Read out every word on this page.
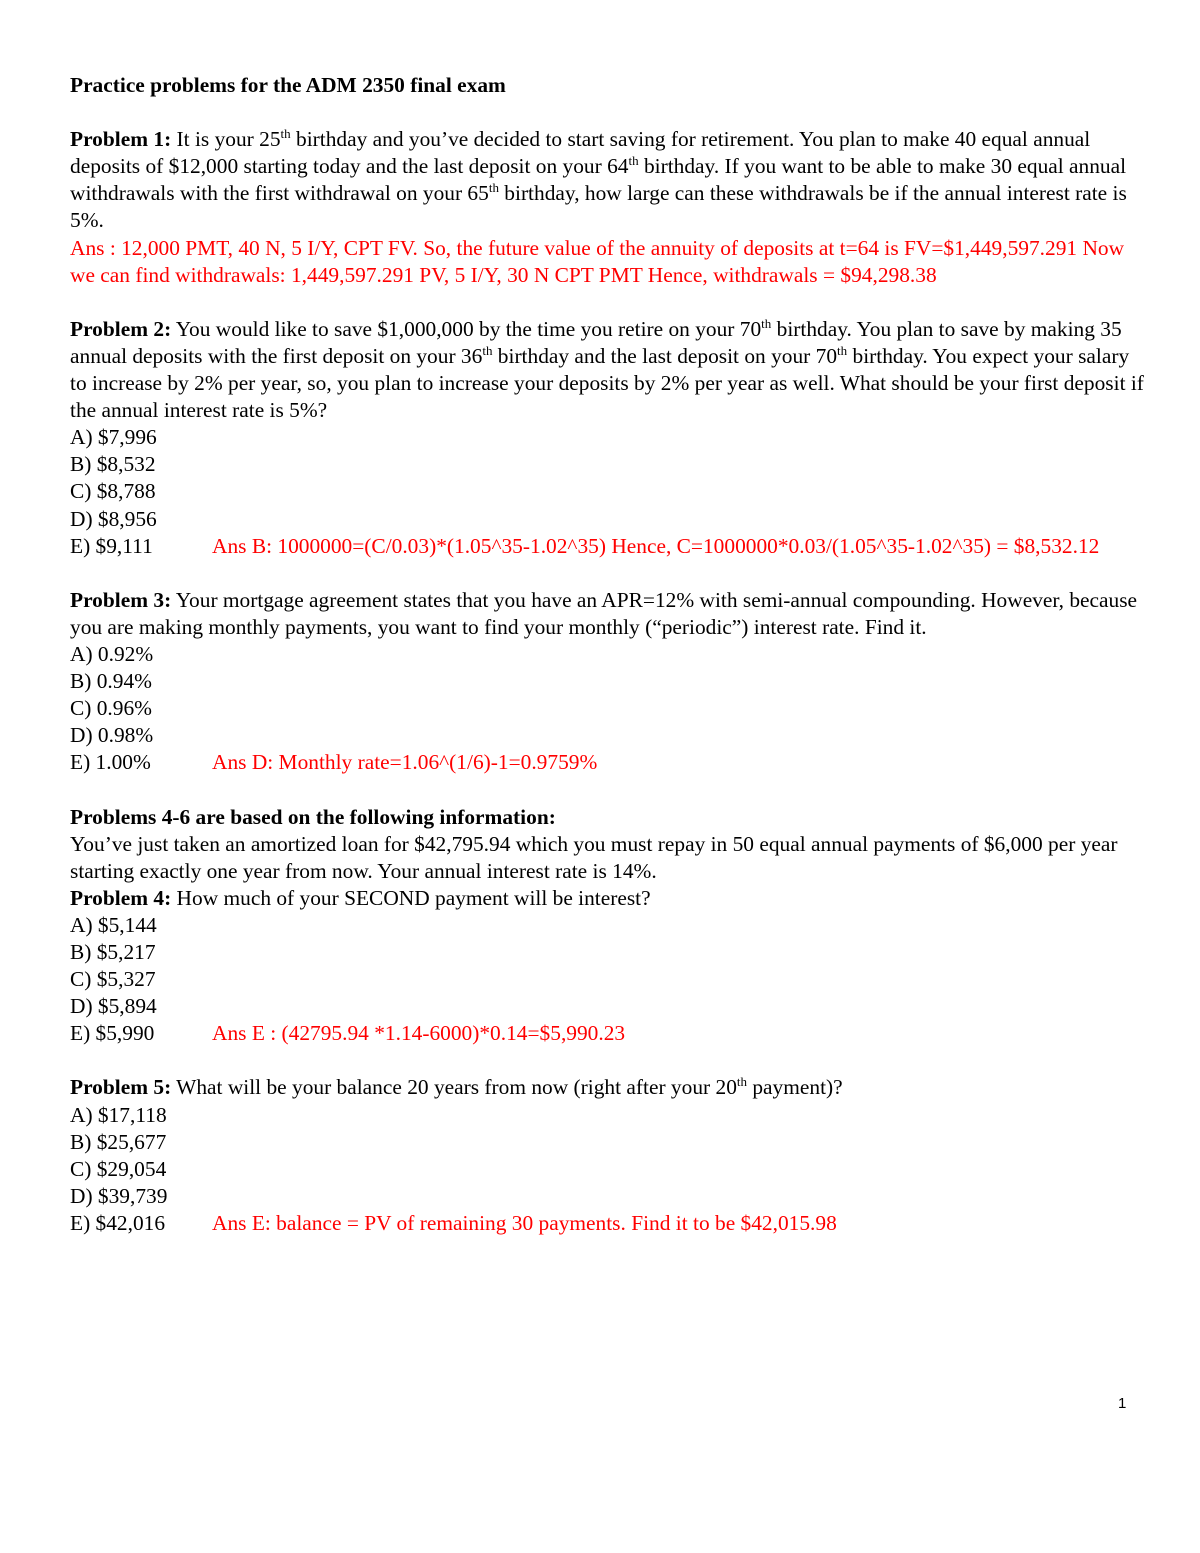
Practice problems for the ADM 2350 final exam

Problem 1: It is your 25th birthday and you’ve decided to start saving for retirement. You plan to make 40 equal annual deposits of $12,000 starting today and the last deposit on your 64th birthday. If you want to be able to make 30 equal annual withdrawals with the first withdrawal on your 65th birthday, how large can these withdrawals be if the annual interest rate is 5%.

Ans : 12,000 PMT, 40 N, 5 I/Y, CPT FV. So, the future value of the annuity of deposits at t=64 is FV=$1,449,597.291 Now we can find withdrawals: 1,449,597.291 PV, 5 I/Y, 30 N CPT PMT Hence, withdrawals = $94,298.38

Problem 2: You would like to save $1,000,000 by the time you retire on your 70th birthday. You plan to save by making 35 annual deposits with the first deposit on your 36th birthday and the last deposit on your 70th birthday. You expect your salary to increase by 2% per year, so, you plan to increase your deposits by 2% per year as well. What should be your first deposit if the annual interest rate is 5%?

A) $7,996

B) $8,532

C) $8,788

D) $8,956

E) $9,111	Ans B: 1000000=(C/0.03)*(1.05^35-1.02^35) Hence, C=1000000*0.03/(1.05^35-1.02^35) = $8,532.12

Problem 3: Your mortgage agreement states that you have an APR=12% with semi-annual compounding. However, because you are making monthly payments, you want to find your monthly (“periodic”) interest rate. Find it.

A) 0.92%

B) 0.94%

C) 0.96%

D) 0.98%

E) 1.00%	Ans D: Monthly rate=1.06^(1/6)-1=0.9759%

Problems 4-6 are based on the following information:

You’ve just taken an amortized loan for $42,795.94 which you must repay in 50 equal annual payments of $6,000 per year starting exactly one year from now. Your annual interest rate is 14%.

Problem 4: How much of your SECOND payment will be interest?

A) $5,144

B) $5,217

C) $5,327

D) $5,894

E) $5,990	Ans E : (42795.94 *1.14-6000)*0.14=$5,990.23

Problem 5: What will be your balance 20 years from now (right after your 20th payment)?

A) $17,118

B) $25,677

C) $29,054

D) $39,739

E) $42,016 Ans E: balance = PV of remaining 30 payments. Find it to be $42,015.98

1
